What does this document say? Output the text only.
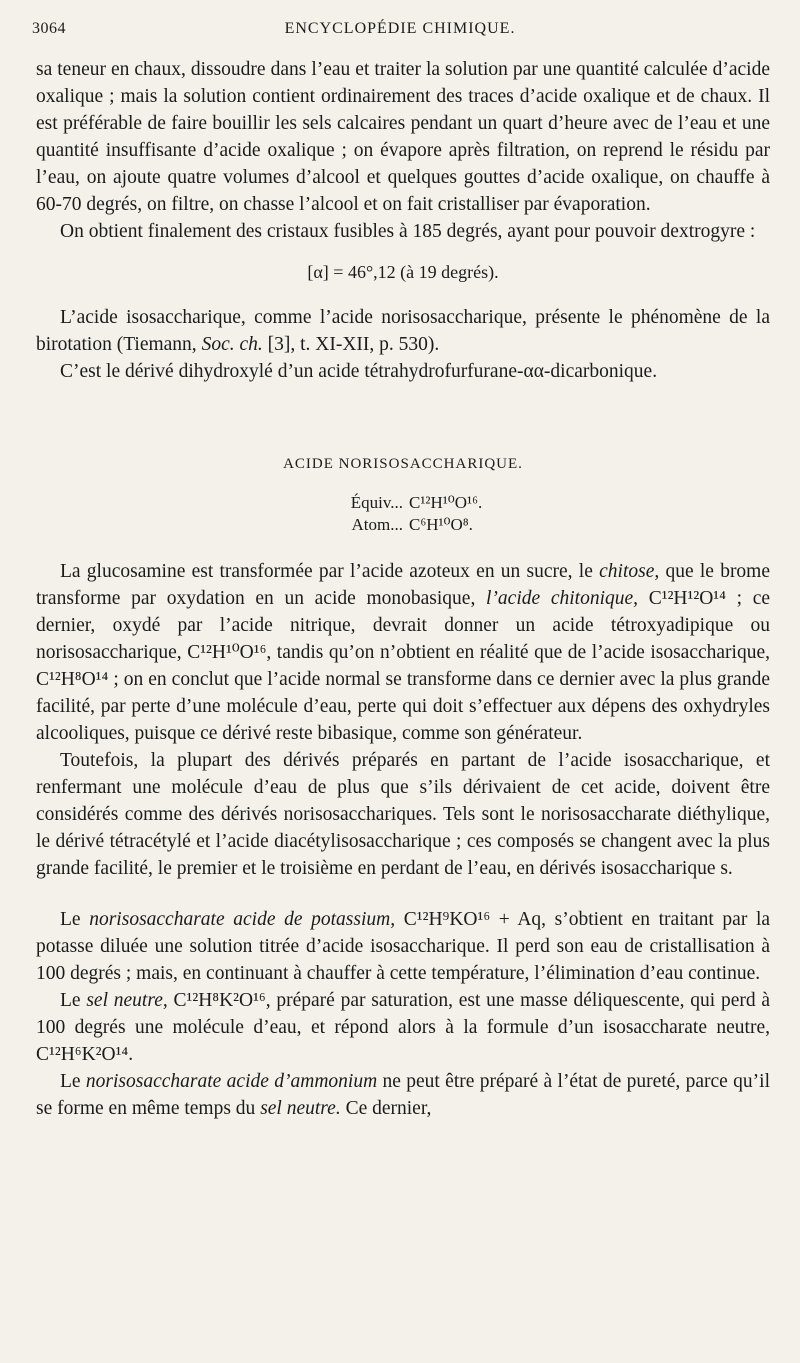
3064	ENCYCLOPÉDIE CHIMIQUE.

sa teneur en chaux, dissoudre dans l’eau et traiter la solution par une quantité calculée d’acide oxalique ; mais la solution contient ordinairement des traces d’acide oxalique et de chaux. Il est préférable de faire bouillir les sels calcaires pendant un quart d’heure avec de l’eau et une quantité insuffisante d’acide oxalique ; on évapore après filtration, on reprend le résidu par l’eau, on ajoute quatre volumes d’alcool et quelques gouttes d’acide oxalique, on chauffe à 60-70 degrés, on filtre, on chasse l’alcool et on fait cristalliser par évaporation.

On obtient finalement des cristaux fusibles à 185 degrés, ayant pour pouvoir dextrogyre :

[α] = 46°,12 (à 19 degrés).

L’acide isosaccharique, comme l’acide norisosaccharique, présente le phénomène de la birotation (Tiemann, Soc. ch. [3], t. XI-XII, p. 530).

C’est le dérivé dihydroxylé d’un acide tétrahydrofurfurane-αα-dicarbonique.

ACIDE NORISOSACCHARIQUE.

Équiv... C¹²H¹⁰O¹⁶.
Atom... C⁶H¹⁰O⁸.

La glucosamine est transformée par l’acide azoteux en un sucre, le chitose, que le brome transforme par oxydation en un acide monobasique, l’acide chitonique, C¹²H¹²O¹⁴ ; ce dernier, oxydé par l’acide nitrique, devrait donner un acide tétroxyadipique ou norisosaccharique, C¹²H¹⁰O¹⁶, tandis qu’on n’obtient en réalité que de l’acide isosaccharique, C¹²H⁸O¹⁴ ; on en conclut que l’acide normal se transforme dans ce dernier avec la plus grande facilité, par perte d’une molécule d’eau, perte qui doit s’effectuer aux dépens des oxhydryles alcooliques, puisque ce dérivé reste bibasique, comme son générateur.

Toutefois, la plupart des dérivés préparés en partant de l’acide isosaccharique, et renfermant une molécule d’eau de plus que s’ils dérivaient de cet acide, doivent être considérés comme des dérivés norisosacchariques. Tels sont le norisosaccharate diéthylique, le dérivé tétracétylé et l’acide diacétylisosaccharique ; ces composés se changent avec la plus grande facilité, le premier et le troisième en perdant de l’eau, en dérivés isosaccharique s.

Le norisosaccharate acide de potassium, C¹²H⁹KO¹⁶ + Aq, s’obtient en traitant par la potasse diluée une solution titrée d’acide isosaccharique. Il perd son eau de cristallisation à 100 degrés ; mais, en continuant à chauffer à cette température, l’élimination d’eau continue.

Le sel neutre, C¹²H⁸K²O¹⁶, préparé par saturation, est une masse déliquescente, qui perd à 100 degrés une molécule d’eau, et répond alors à la formule d’un isosaccharate neutre, C¹²H⁶K²O¹⁴.

Le norisosaccharate acide d’ammonium ne peut être préparé à l’état de pureté, parce qu’il se forme en même temps du sel neutre. Ce dernier,
